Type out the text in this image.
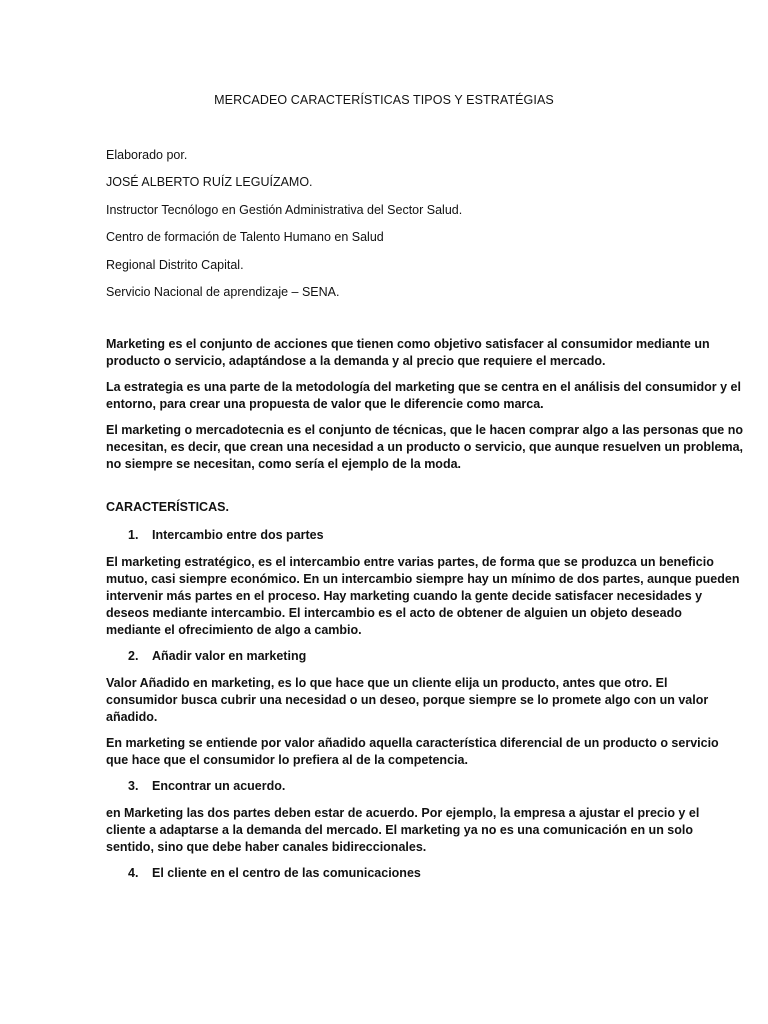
MERCADEO CARACTERÍSTICAS TIPOS Y ESTRATÉGIAS
Elaborado por.
JOSÉ ALBERTO RUÍZ LEGUÍZAMO.
Instructor Tecnólogo en Gestión Administrativa del Sector Salud.
Centro de formación de Talento Humano en Salud
Regional Distrito Capital.
Servicio Nacional de aprendizaje – SENA.
Marketing es el conjunto de acciones que tienen como objetivo satisfacer al consumidor mediante un
producto o servicio, adaptándose a la demanda y al precio que requiere el mercado.
La estrategia es una parte de la metodología del marketing que se centra en el análisis del consumidor y el
entorno, para crear una propuesta de valor que le diferencie como marca.
El marketing o mercadotecnia es el conjunto de técnicas, que le hacen comprar algo a las personas que no
necesitan, es decir, que crean una necesidad a un producto o servicio, que aunque resuelven un problema,
no siempre se necesitan, como sería el ejemplo de la moda.
CARACTERÍSTICAS.
1. Intercambio entre dos partes
El marketing estratégico, es el intercambio entre varias partes, de forma que se produzca un beneficio
mutuo, casi siempre económico. En un intercambio siempre hay un mínimo de dos partes, aunque pueden
intervenir más partes en el proceso. Hay marketing cuando la gente decide satisfacer necesidades y
deseos mediante intercambio. El intercambio es el acto de obtener de alguien un objeto deseado
mediante el ofrecimiento de algo a cambio.
2. Añadir valor en marketing
Valor Añadido en marketing, es lo que hace que un cliente elija un producto, antes que otro. El
consumidor busca cubrir una necesidad o un deseo, porque siempre se lo promete algo con un valor
añadido.
En marketing se entiende por valor añadido aquella característica diferencial de un producto o servicio
que hace que el consumidor lo prefiera al de la competencia.
3. Encontrar un acuerdo.
en Marketing las dos partes deben estar de acuerdo. Por ejemplo, la empresa a ajustar el precio y el
cliente a adaptarse a la demanda del mercado. El marketing ya no es una comunicación en un solo
sentido, sino que debe haber canales bidireccionales.
4. El cliente en el centro de las comunicaciones
